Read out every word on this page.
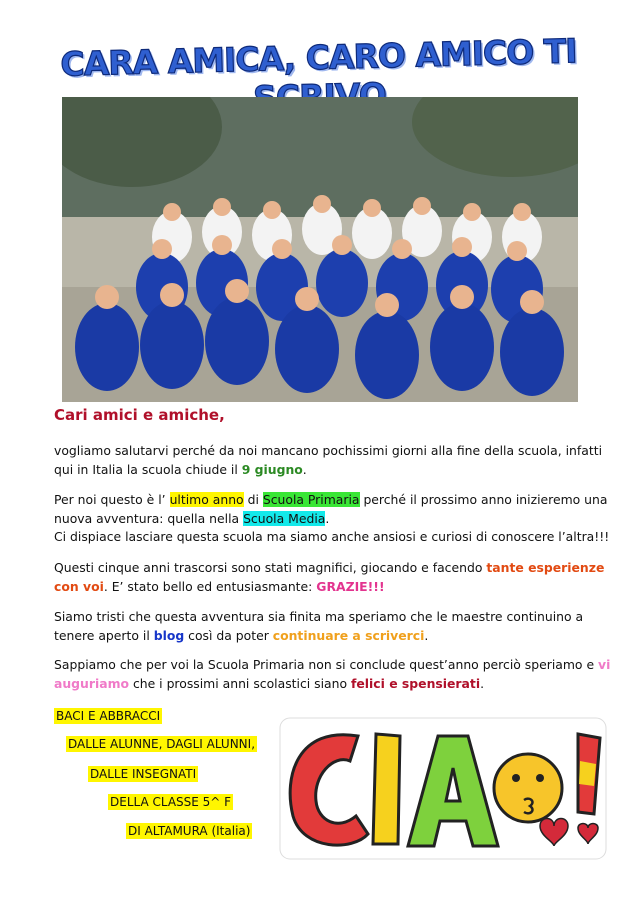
CARA AMICA, CARO AMICO TI
Cari amici e amiche,
vogliamo salutarvi perché da noi mancano pochissimi giorni alla fine della scuola, infatti qui in Italia la scuola chiude il 9 giugno.
Per noi questo è l’ ultimo anno di Scuola Primaria perché il prossimo anno inizieremo una nuova avventura: quella nella Scuola Media.
Ci dispiace lasciare questa scuola ma siamo anche ansiosi e curiosi di conoscere l’altra!!!
Questi cinque anni trascorsi sono stati magnifici, giocando e facendo tante esperienze con voi. E’ stato bello ed entusiasmante: GRAZIE!!!
Siamo tristi che questa avventura sia finita ma speriamo che le maestre continuino a tenere aperto il blog così da poter continuare a scriverci.
Sappiamo che per voi la Scuola Primaria non si conclude quest’anno perciò speriamo e vi auguriamo che i prossimi anni scolastici siano felici e spensierati.
BACI E ABBRACCI
DALLE ALUNNE, DAGLI ALUNNI,
DALLE INSEGNATI
DELLA CLASSE 5^ F
DI ALTAMURA (Italia)
